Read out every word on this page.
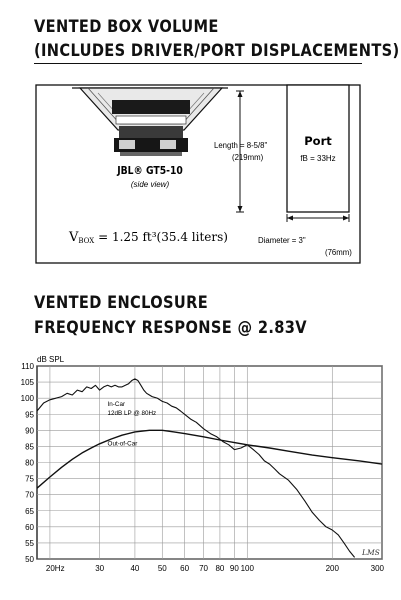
VENTED BOX VOLUME
(INCLUDES DRIVER/PORT DISPLACEMENTS)
JBL® GT5-10
(side view)
VBOX = 1.25 ft³(35.4 liters)
Length = 8-5/8"
(219mm)
Port
fB = 33Hz
Diameter = 3"
(76mm)
VENTED ENCLOSURE
FREQUENCY RESPONSE @ 2.83V
50
55
60
65
70
75
80
85
90
95
100
105
110
20Hz	30	40 50 60 70 80 90 100	200	300
In-Car
12dB LP @ 80Hz
Out-of-Car
dB SPL
LMS
